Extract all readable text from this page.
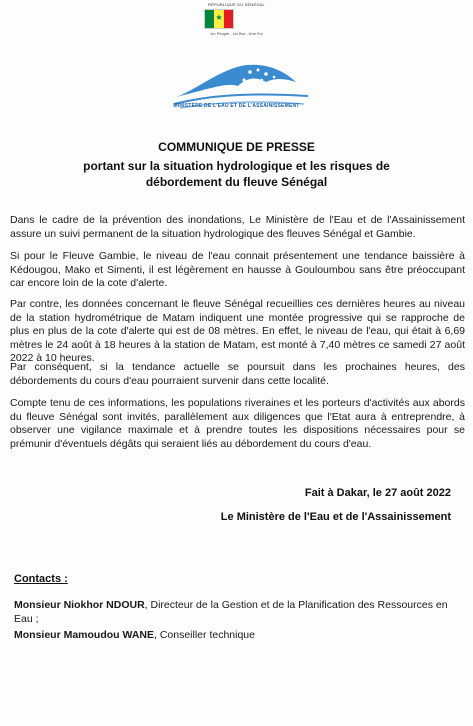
RÉPUBLIQUE DU SÉNÉGAL
★
Un Peuple - Un But - Une Foi
MINISTÈRE DE L'EAU ET DE L'ASSAINISSEMENT
COMMUNIQUE DE PRESSE
portant sur la situation hydrologique et les risques de débordement du fleuve Sénégal

Dans le cadre de la prévention des inondations, Le Ministère de l'Eau et de l'Assainissement assure un suivi permanent de la situation hydrologique des fleuves Sénégal et Gambie.

Si pour le Fleuve Gambie, le niveau de l'eau connait présentement une tendance baissière à Kédougou, Mako et Simenti, il est légèrement en hausse à Gouloumbou sans être préoccupant car encore loin de la cote d'alerte.

Par contre, les données concernant le fleuve Sénégal recueillies ces dernières heures au niveau de la station hydrométrique de Matam indiquent une montée progressive qui se rapproche de plus en plus de la cote d'alerte qui est de 08 mètres. En effet, le niveau de l'eau, qui était à 6,69 mètres le 24 août à 18 heures à la station de Matam, est monté à 7,40 mètres ce samedi 27 août 2022 à 10 heures.

Par conséquent, si la tendance actuelle se poursuit dans les prochaines heures, des débordements du cours d'eau pourraient survenir dans cette localité.

Compte tenu de ces informations, les populations riveraines et les porteurs d'activités aux abords du fleuve Sénégal sont invités, parallèlement aux diligences que l'Etat aura à entreprendre, à observer une vigilance maximale et à prendre toutes les dispositions nécessaires pour se prémunir d'éventuels dégâts qui seraient liés au débordement du cours d'eau.

Fait à Dakar, le 27 août 2022
Le Ministère de l'Eau et de l'Assainissement
Contacts :
Monsieur Niokhor NDOUR, Directeur de la Gestion et de la Planification des Ressources en Eau ;
Monsieur Mamoudou WANE, Conseiller technique
